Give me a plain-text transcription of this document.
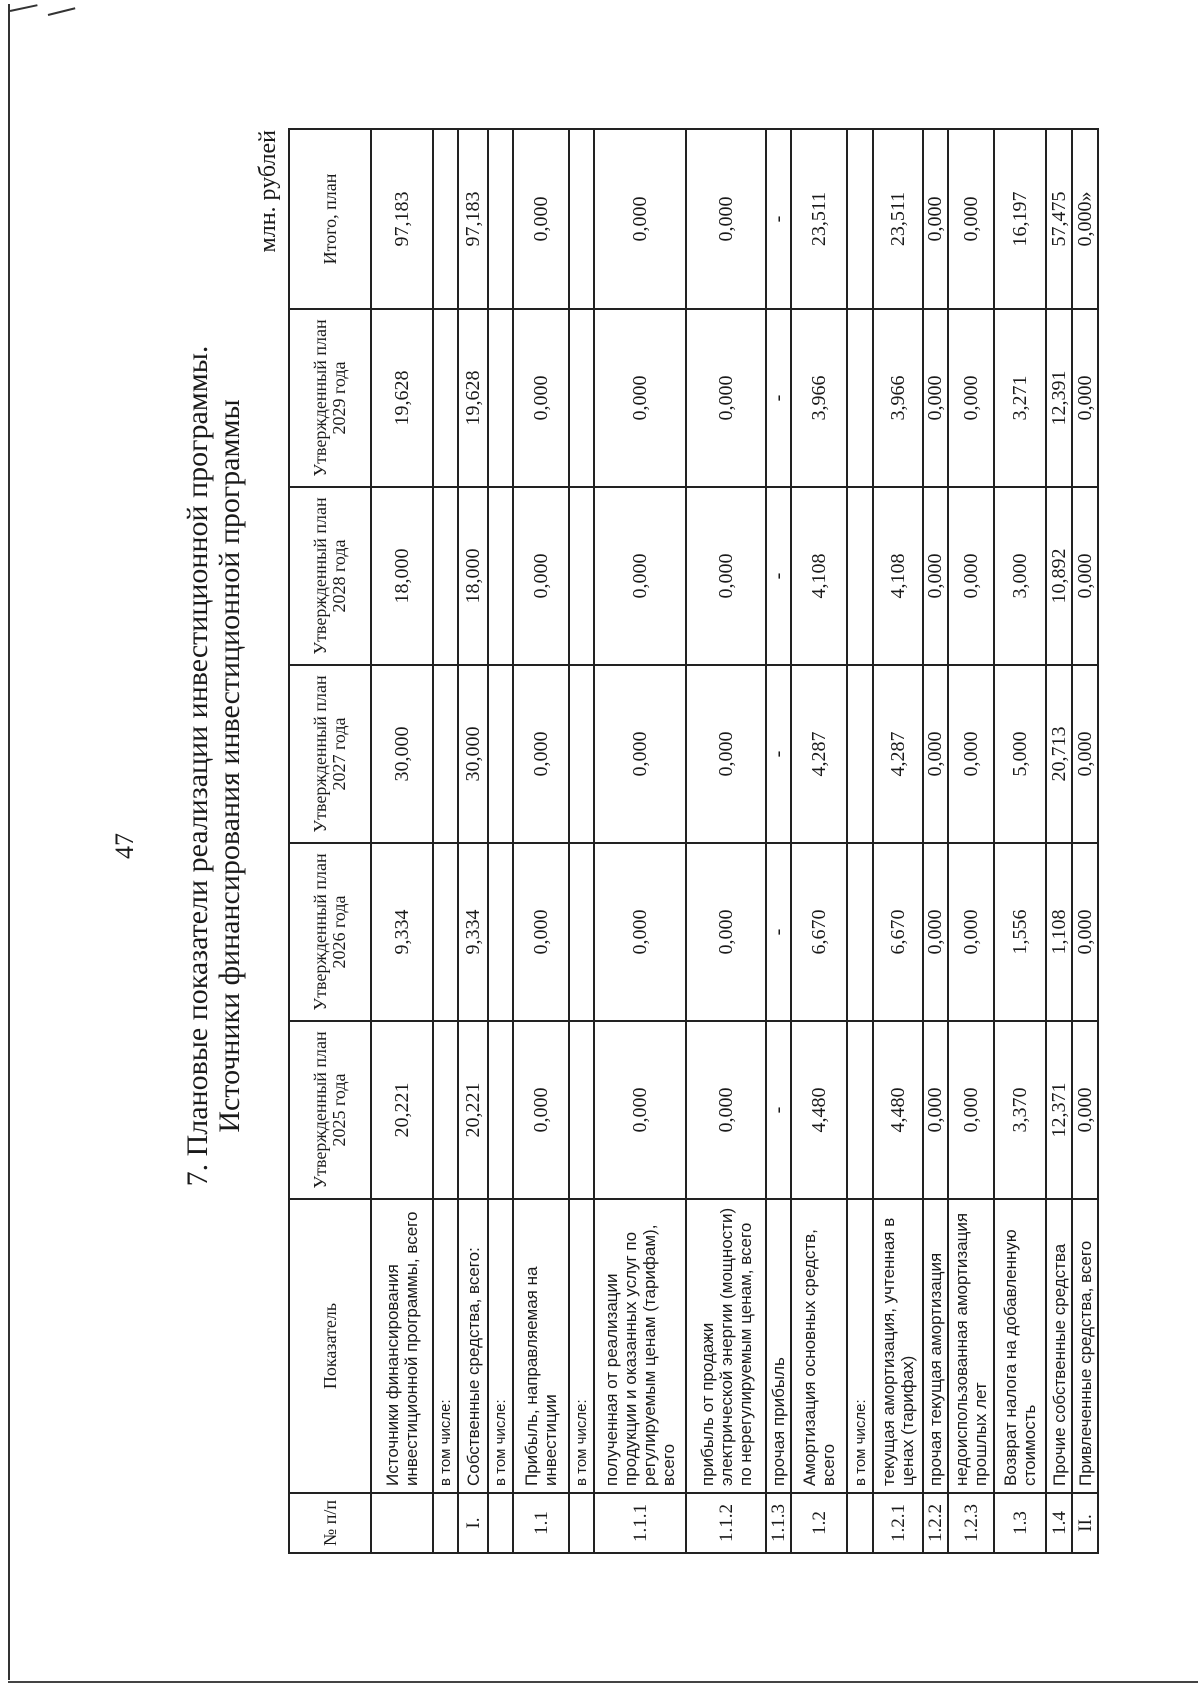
47 7. Плановые показатели реализации инвестиционной программы. Источники финансирования инвестиционной программы
млн. рублей
№ п/п	Показатель	Утвержденный план 2025 года	Утвержденный план 2026 года	Утвержденный план 2027 года	Утвержденный план 2028 года	Утвержденный план 2029 года	Итого, план
	Источники финансирования инвестиционной программы, всего	20,221	9,334	30,000	18,000	19,628	97,183
	в том числе:						
I.	Собственные средства, всего:	20,221	9,334	30,000	18,000	19,628	97,183
	в том числе:						
1.1	Прибыль, направляемая на инвестиции	0,000	0,000	0,000	0,000	0,000	0,000
	в том числе:						
1.1.1	полученная от реализации продукции и оказанных услуг по регулируемым ценам (тарифам), всего	0,000	0,000	0,000	0,000	0,000	0,000
1.1.2	прибыль от продажи электрической энергии (мощности) по нерегулируемым ценам, всего	0,000	0,000	0,000	0,000	0,000	0,000
1.1.3	прочая прибыль	-	-	-	-	-	-
1.2	Амортизация основных средств, всего	4,480	6,670	4,287	4,108	3,966	23,511
	в том числе:						
1.2.1	текущая амортизация, учтенная в ценах (тарифах)	4,480	6,670	4,287	4,108	3,966	23,511
1.2.2	прочая текущая амортизация	0,000	0,000	0,000	0,000	0,000	0,000
1.2.3	недоиспользованная амортизация прошлых лет	0,000	0,000	0,000	0,000	0,000	0,000
1.3	Возврат налога на добавленную стоимость	3,370	1,556	5,000	3,000	3,271	16,197
1.4	Прочие собственные средства	12,371	1,108	20,713	10,892	12,391	57,475
II.	Привлеченные средства, всего	0,000	0,000	0,000	0,000	0,000	0,000»
